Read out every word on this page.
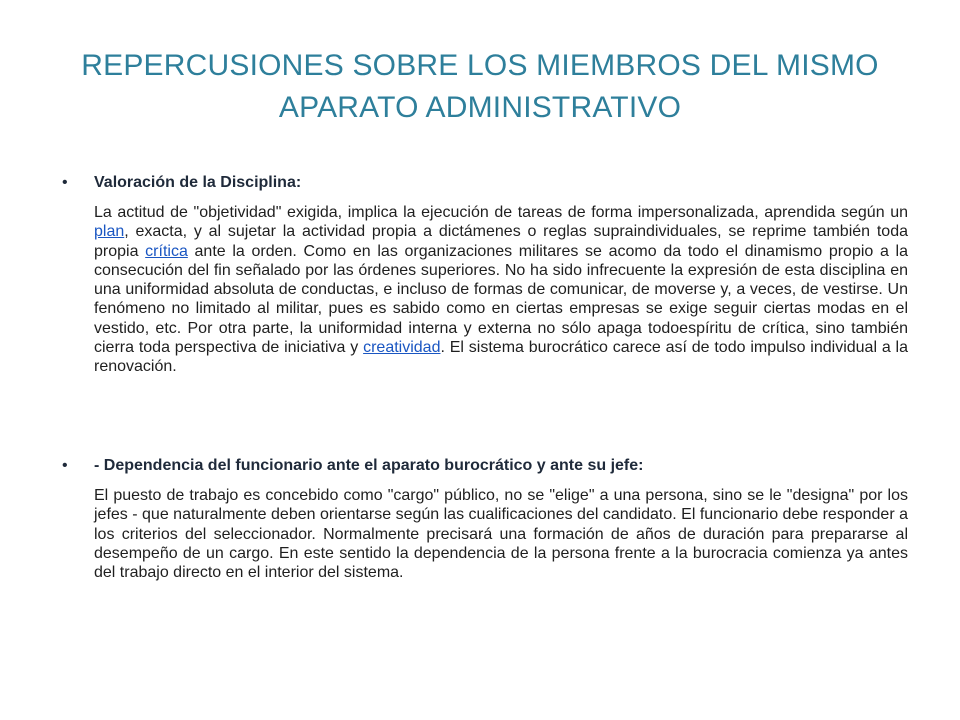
REPERCUSIONES SOBRE LOS MIEMBROS DEL MISMO
APARATO ADMINISTRATIVO
• Valoración de la Disciplina:

La actitud de "objetividad" exigida, implica la ejecución de tareas de forma impersonalizada, aprendida según un plan, exacta, y al sujetar la actividad propia a dictámenes o reglas supraindividuales, se reprime también toda propia crítica ante la orden. Como en las organizaciones militares se acomo da todo el dinamismo propio a la consecución del fin señalado por las órdenes superiores. No ha sido infrecuente la expresión de esta disciplina en una uniformidad absoluta de conductas, e incluso de formas de comunicar, de moverse y, a veces, de vestirse. Un fenómeno no limitado al militar, pues es sabido como en ciertas empresas se exige seguir ciertas modas en el vestido, etc. Por otra parte, la uniformidad interna y externa no sólo apaga todoespíritu de crítica, sino también cierra toda perspectiva de iniciativa y creatividad. El sistema burocrático carece así de todo impulso individual a la renovación.

• - Dependencia del funcionario ante el aparato burocrático y ante su jefe:

El puesto de trabajo es concebido como "cargo" público, no se "elige" a una persona, sino se le "designa" por los jefes - que naturalmente deben orientarse según las cualificaciones del candidato. El funcionario debe responder a los criterios del seleccionador. Normalmente precisará una formación de años de duración para prepararse al desempeño de un cargo. En este sentido la dependencia de la persona frente a la burocracia comienza ya antes del trabajo directo en el interior del sistema.
